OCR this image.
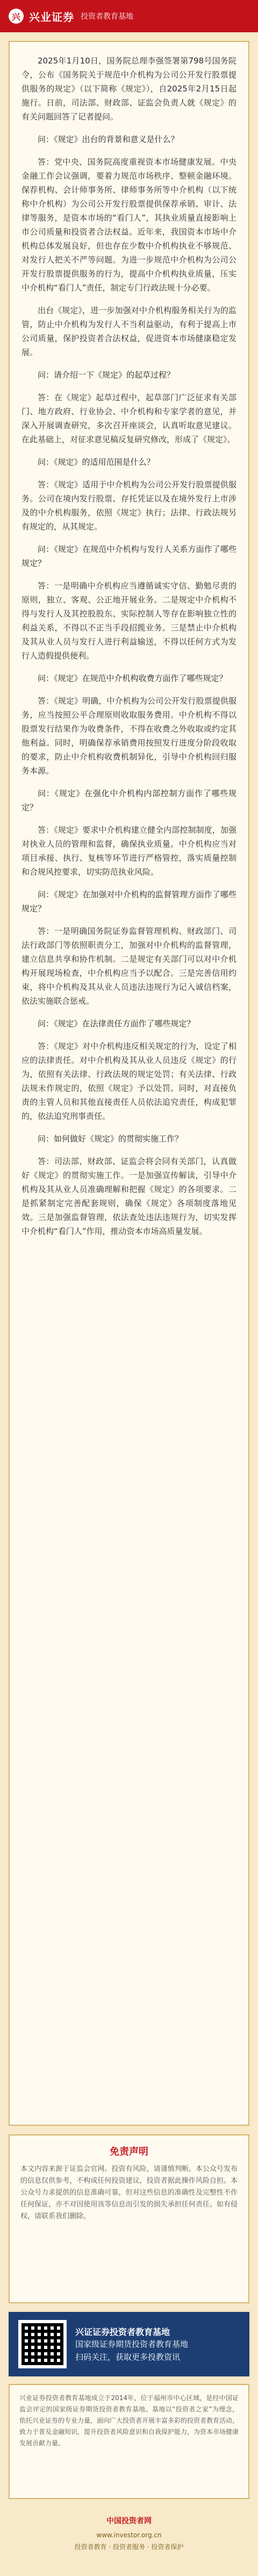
兴 兴业证券 投资者教育基地

2025年1月10日，国务院总理李强签署第798号国务院令，公布《国务院关于规范中介机构为公司公开发行股票提供服务的规定》（以下简称《规定》），自2025年2月15日起施行。日前，司法部、财政部、证监会负责人就《规定》的有关问题回答了记者提问。

问：《规定》出台的背景和意义是什么？

答：党中央、国务院高度重视资本市场健康发展。中央金融工作会议强调，要着力规范市场秩序、整顿金融环境。保荐机构、会计师事务所、律师事务所等中介机构（以下统称中介机构）为公司公开发行股票提供保荐承销、审计、法律等服务，是资本市场的“看门人”，其执业质量直接影响上市公司质量和投资者合法权益。近年来，我国资本市场中介机构总体发展良好，但也存在少数中介机构执业不够规范、对发行人把关不严等问题。为进一步规范中介机构为公司公开发行股票提供服务的行为，提高中介机构执业质量，压实中介机构“看门人”责任，制定专门行政法规十分必要。

出台《规定》，进一步加强对中介机构服务相关行为的监管，防止中介机构为发行人不当利益驱动，有利于提高上市公司质量，保护投资者合法权益，促进资本市场健康稳定发展。

问：请介绍一下《规定》的起草过程？

答：在《规定》起草过程中，起草部门广泛征求有关部门、地方政府、行业协会、中介机构和专家学者的意见，并深入开展调查研究，多次召开座谈会，认真听取意见建议。在此基础上，对征求意见稿反复研究修改，形成了《规定》。

问：《规定》的适用范围是什么？

答：《规定》适用于中介机构为公司公开发行股票提供服务。公司在境内发行股票、存托凭证以及在境外发行上市涉及的中介机构服务，依照《规定》执行；法律、行政法规另有规定的，从其规定。

问：《规定》在规范中介机构与发行人关系方面作了哪些规定？

答：一是明确中介机构应当遵循诚实守信、勤勉尽责的原则，独立、客观、公正地开展业务。二是规定中介机构不得与发行人及其控股股东、实际控制人等存在影响独立性的利益关系，不得以不正当手段招揽业务。三是禁止中介机构及其从业人员与发行人进行利益输送，不得以任何方式为发行人造假提供便利。

问：《规定》在规范中介机构收费方面作了哪些规定？

答：《规定》明确，中介机构为公司公开发行股票提供服务，应当按照公平合理原则收取服务费用。中介机构不得以股票发行结果作为收费条件，不得在收费之外收取或约定其他利益。同时，明确保荐承销费用按照发行进度分阶段收取的要求，防止中介机构收费机制异化，引导中介机构回归服务本源。

问：《规定》在强化中介机构内部控制方面作了哪些规定？

答：《规定》要求中介机构建立健全内部控制制度，加强对执业人员的管理和监督，确保执业质量。中介机构应当对项目承接、执行、复核等环节进行严格管控，落实质量控制和合规风控要求，切实防范执业风险。

问：《规定》在加强对中介机构的监督管理方面作了哪些规定？

答：一是明确国务院证券监督管理机构、财政部门、司法行政部门等依照职责分工，加强对中介机构的监督管理，建立信息共享和协作机制。二是规定有关部门可以对中介机构开展现场检查，中介机构应当予以配合。三是完善信用约束，将中介机构及其从业人员违法违规行为记入诚信档案，依法实施联合惩戒。

问：《规定》在法律责任方面作了哪些规定？

答：《规定》对中介机构违反相关规定的行为，设定了相应的法律责任。对中介机构及其从业人员违反《规定》的行为，依照有关法律、行政法规的规定处罚；有关法律、行政法规未作规定的，依照《规定》予以处罚。同时，对直接负责的主管人员和其他直接责任人员依法追究责任，构成犯罪的，依法追究刑事责任。

问：如何做好《规定》的贯彻实施工作？

答：司法部、财政部、证监会将会同有关部门，认真做好《规定》的贯彻实施工作。一是加强宣传解读，引导中介机构及其从业人员准确理解和把握《规定》的各项要求。二是抓紧制定完善配套规则，确保《规定》各项制度落地见效。三是加强监督管理，依法查处违法违规行为，切实发挥中介机构“看门人”作用，推动资本市场高质量发展。

免责声明

本文内容来源于证监会官网。投资有风险，请谨慎判断。本公众号发布的信息仅供参考，不构成任何投资建议，投资者据此操作风险自担。本公众号力求提供的信息准确可靠，但对这些信息的准确性及完整性不作任何保证，亦不对因使用该等信息而引发的损失承担任何责任。如有侵权，请联系我们删除。

兴证证券投资者教育基地
国家级证券期货投资者教育基地
扫码关注，获取更多投教资讯

兴业证券投资者教育基地成立于2014年，位于福州市中心区域，是经中国证监会评定的国家级证券期货投资者教育基地。基地以“投资者之家”为理念，依托兴业证券的专业力量，面向广大投资者开展丰富多彩的投资者教育活动，致力于普及金融知识，提升投资者风险意识和自我保护能力，为资本市场健康发展贡献力量。

中国投资者网
www.investor.org.cn
投资者教育 · 投资者服务 · 投资者保护
